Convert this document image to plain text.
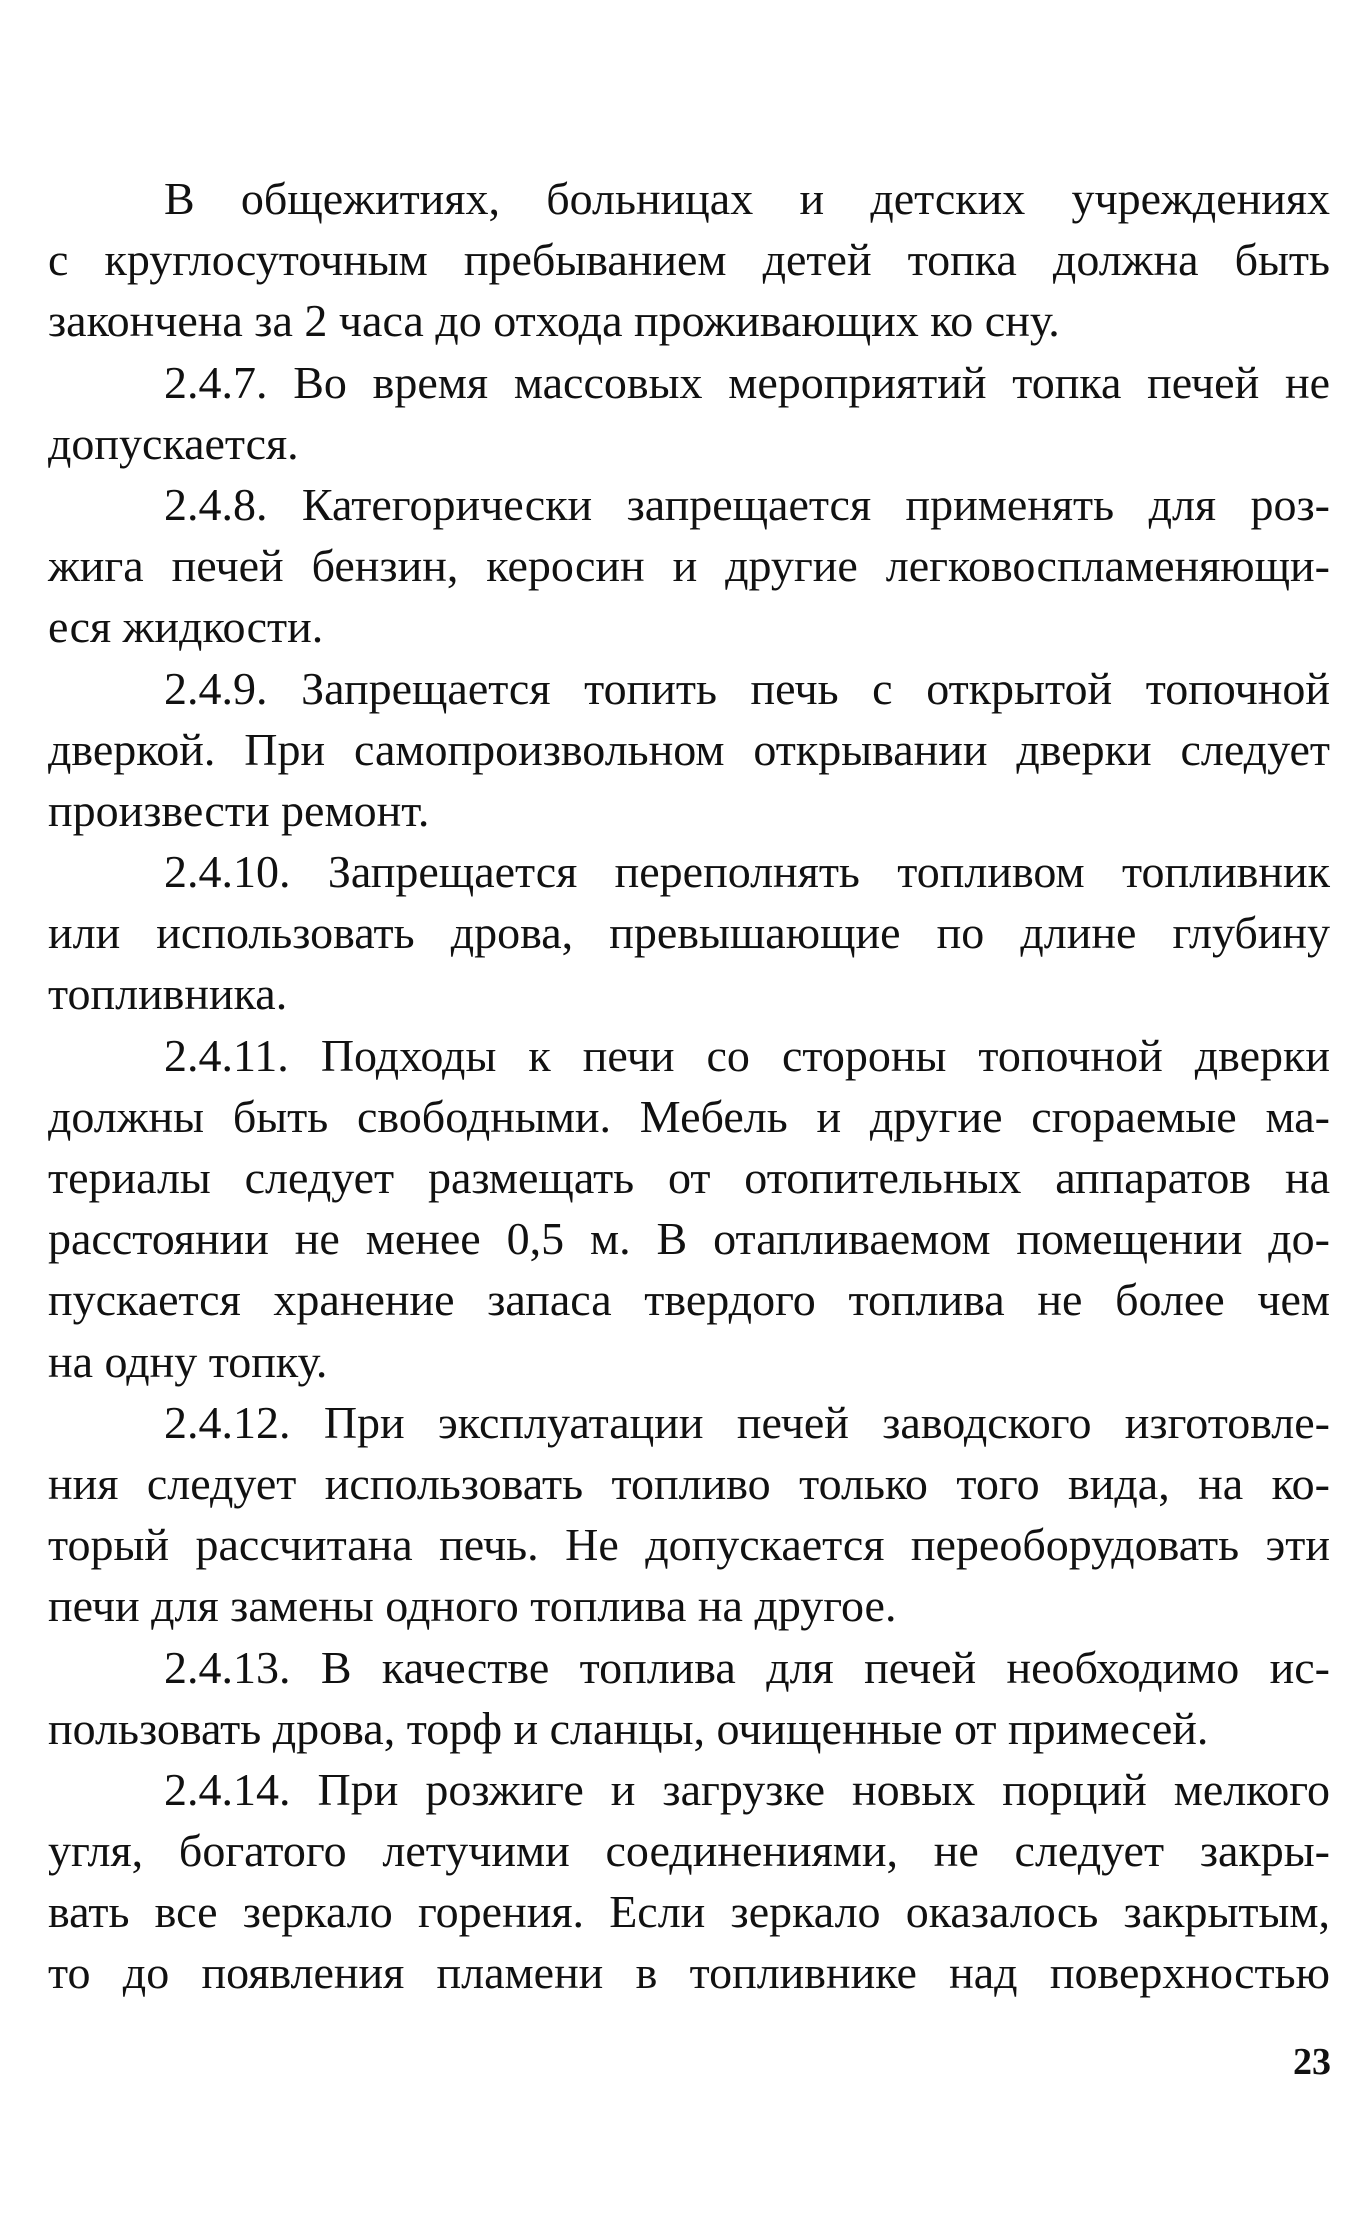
В общежитиях, больницах и детских учреждениях
с круглосуточным пребыванием детей топка должна быть
закончена за 2 часа до отхода проживающих ко сну.
2.4.7. Во время массовых мероприятий топка печей не
допускается.
2.4.8. Категорически запрещается применять для роз-
жига печей бензин, керосин и другие легковоспламеняющи-
еся жидкости.
2.4.9. Запрещается топить печь с открытой топочной
дверкой. При самопроизвольном открывании дверки следует
произвести ремонт.
2.4.10. Запрещается переполнять топливом топливник
или использовать дрова, превышающие по длине глубину
топливника.
2.4.11. Подходы к печи со стороны топочной дверки
должны быть свободными. Мебель и другие сгораемые ма-
териалы следует размещать от отопительных аппаратов на
расстоянии не менее 0,5 м. В отапливаемом помещении до-
пускается хранение запаса твердого топлива не более чем
на одну топку.
2.4.12. При эксплуатации печей заводского изготовле-
ния следует использовать топливо только того вида, на ко-
торый рассчитана печь. Не допускается переоборудовать эти
печи для замены одного топлива на другое.
2.4.13. В качестве топлива для печей необходимо ис-
пользовать дрова, торф и сланцы, очищенные от примесей.
2.4.14. При розжиге и загрузке новых порций мелкого
угля, богатого летучими соединениями, не следует закры-
вать все зеркало горения. Если зеркало оказалось закрытым,
то до появления пламени в топливнике над поверхностью
23
